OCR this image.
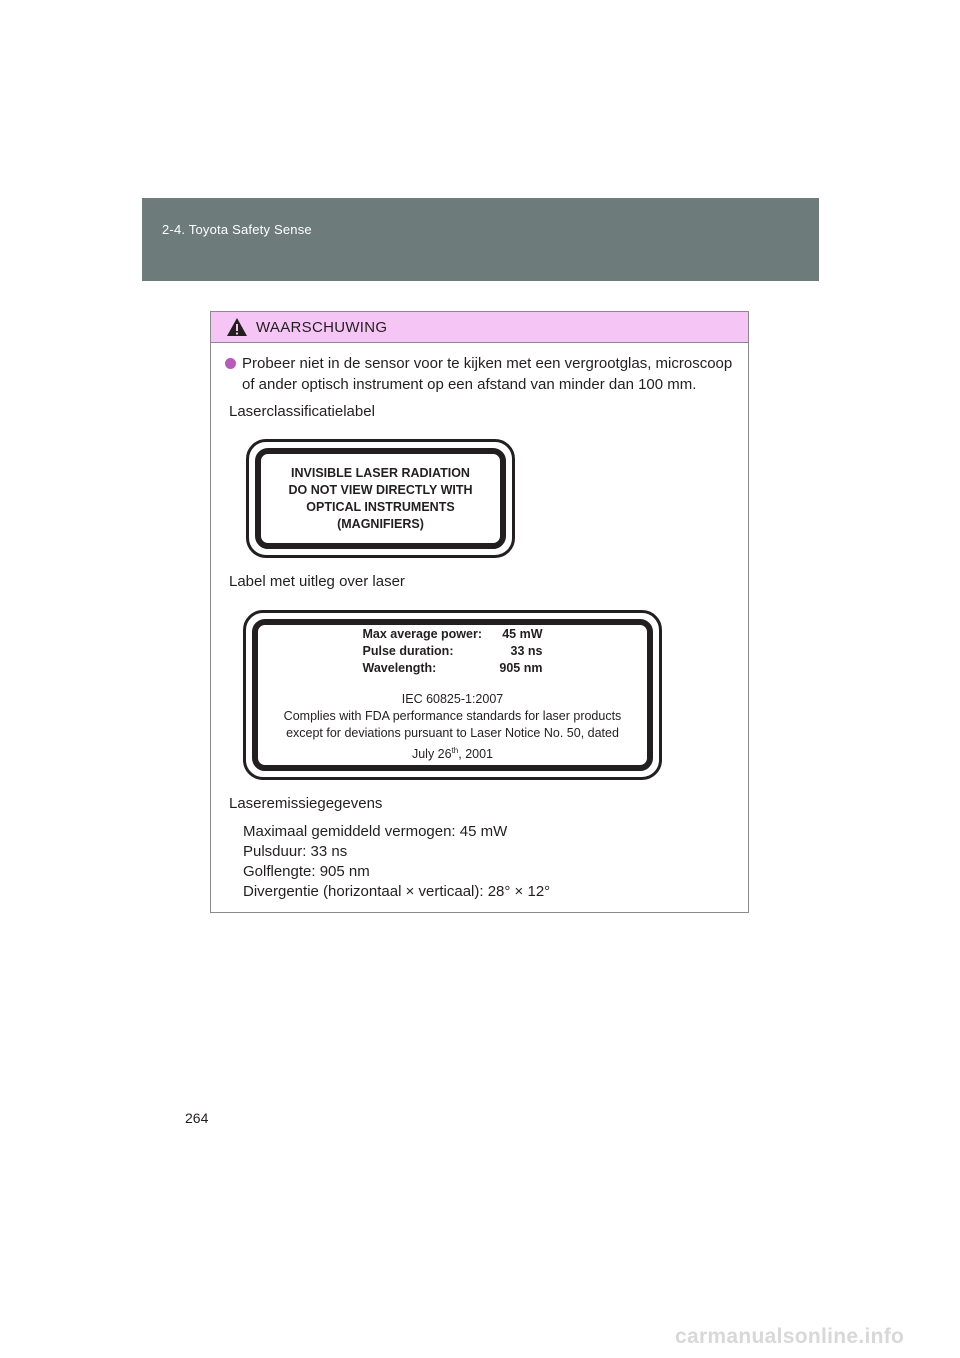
2-4. Toyota Safety Sense
WAARSCHUWING
Probeer niet in de sensor voor te kijken met een vergrootglas, microscoop of ander optisch instrument op een afstand van minder dan 100 mm.
Laserclassificatielabel
INVISIBLE LASER RADIATION
DO NOT VIEW DIRECTLY WITH
OPTICAL INSTRUMENTS
(MAGNIFIERS)
Label met uitleg over laser
Max average power:	45 mW
Pulse duration:	33 ns
Wavelength:	905 nm
IEC 60825-1:2007
Complies with FDA performance standards for laser products
except for deviations pursuant to Laser Notice No. 50, dated
July 26th, 2001
Laseremissiegegevens
Maximaal gemiddeld vermogen: 45 mW
Pulsduur: 33 ns
Golflengte: 905 nm
Divergentie (horizontaal × verticaal): 28° × 12°
264
carmanualsonline.info
